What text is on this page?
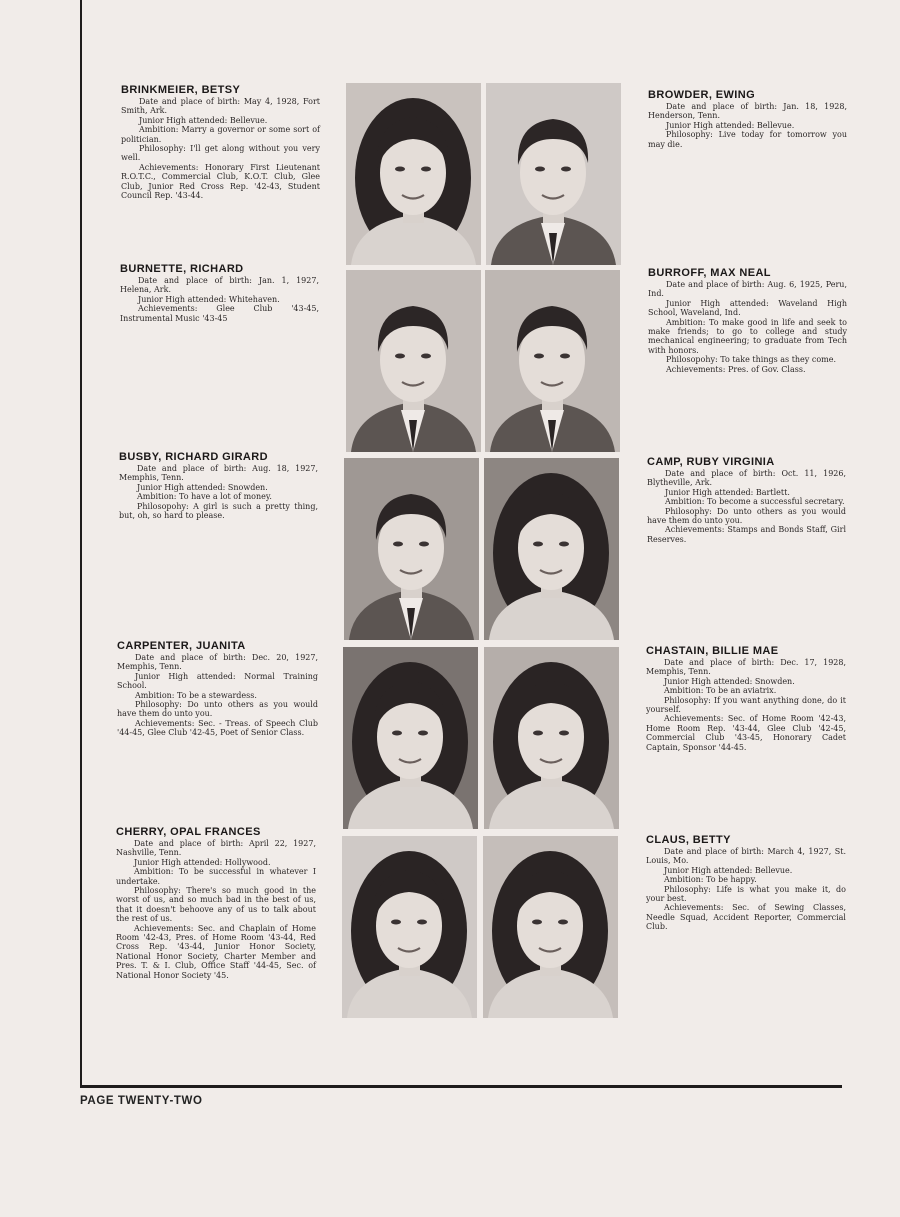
PAGE TWENTY-TWO
BRINKMEIER, BETSY
Date and place of birth: May 4, 1928, Fort Smith, Ark.
Junior High attended: Bellevue.
Ambition: Marry a governor or some sort of politician.
Philosophy: I'll get along without you very well.
Achievements: Honorary First Lieutenant R.O.T.C., Commercial Club, K.O.T. Club, Glee Club, Junior Red Cross Rep. '42-43, Student Council Rep. '43-44.
BROWDER, EWING
Date and place of birth: Jan. 18, 1928, Henderson, Tenn.
Junior High attended: Bellevue.
Philosophy: Live today for tomorrow you may die.
BURNETTE, RICHARD
Date and place of birth: Jan. 1, 1927, Helena, Ark.
Junior High attended: Whitehaven.
Achievements: Glee Club '43-45, Instrumental Music '43-45
BURROFF, MAX NEAL
Date and place of birth: Aug. 6, 1925, Peru, Ind.
Junior High attended: Waveland High School, Waveland, Ind.
Ambition: To make good in life and seek to make friends; to go to college and study mechanical engineering; to graduate from Tech with honors.
Philosopohy: To take things as they come.
Achievements: Pres. of Gov. Class.
BUSBY, RICHARD GIRARD
Date and place of birth: Aug. 18, 1927, Memphis, Tenn.
Junior High attended: Snowden.
Ambition: To have a lot of money.
Philosopohy: A girl is such a pretty thing, but, oh, so hard to please.
CAMP, RUBY VIRGINIA
Date and place of birth: Oct. 11, 1926, Blytheville, Ark.
Junior High attended: Bartlett.
Ambition: To become a successful secretary.
Philosophy: Do unto others as you would have them do unto you.
Achievements: Stamps and Bonds Staff, Girl Reserves.
CARPENTER, JUANITA
Date and place of birth: Dec. 20, 1927, Memphis, Tenn.
Junior High attended: Normal Training School.
Ambition: To be a stewardess.
Philosophy: Do unto others as you would have them do unto you.
Achievements: Sec. - Treas. of Speech Club '44-45, Glee Club '42-45, Poet of Senior Class.
CHASTAIN, BILLIE MAE
Date and place of birth: Dec. 17, 1928, Memphis, Tenn.
Junior High attended: Snowden.
Ambition: To be an aviatrix.
Philosophy: If you want anything done, do it yourself.
Achievements: Sec. of Home Room '42-43, Home Room Rep. '43-44, Glee Club '42-45, Commercial Club '43-45, Honorary Cadet Captain, Sponsor '44-45.
CHERRY, OPAL FRANCES
Date and place of birth: April 22, 1927, Nashville, Tenn.
Junior High attended: Hollywood.
Ambition: To be successful in whatever I undertake.
Philosophy: There's so much good in the worst of us, and so much bad in the best of us, that it doesn't behoove any of us to talk about the rest of us.
Achievements: Sec. and Chaplain of Home Room '42-43, Pres. of Home Room '43-44, Red Cross Rep. '43-44, Junior Honor Society, National Honor Society, Charter Member and Pres. T. & I. Club, Office Staff '44-45, Sec. of National Honor Society '45.
CLAUS, BETTY
Date and place of birth: March 4, 1927, St. Louis, Mo.
Junior High attended: Bellevue.
Ambition: To be happy.
Philosophy: Life is what you make it, do your best.
Achievements: Sec. of Sewing Classes, Needle Squad, Accident Reporter, Commercial Club.
